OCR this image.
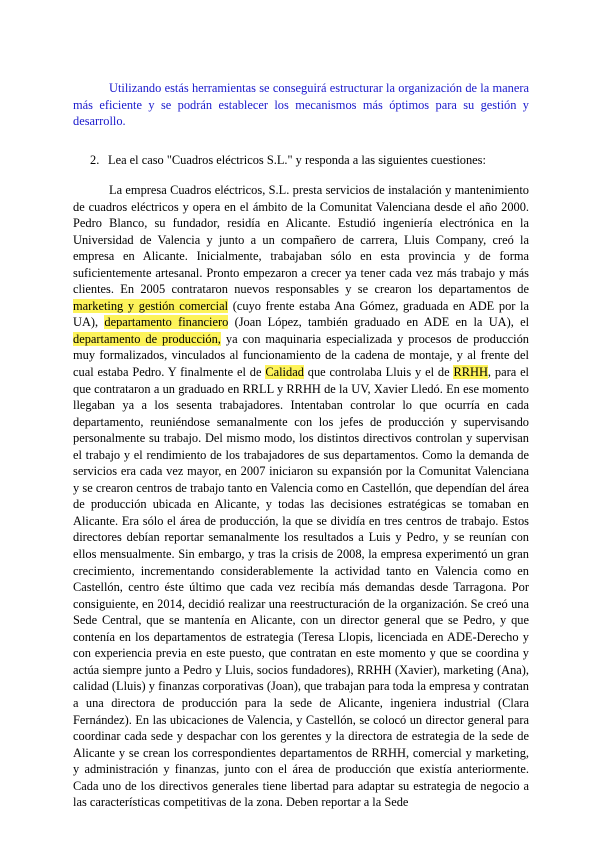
Utilizando estás herramientas se conseguirá estructurar la organización de la manera más eficiente y se podrán establecer los mecanismos más óptimos para su gestión y desarrollo.

2. Lea el caso "Cuadros eléctricos S.L." y responda a las siguientes cuestiones:

La empresa Cuadros eléctricos, S.L. presta servicios de instalación y mantenimiento de cuadros eléctricos y opera en el ámbito de la Comunitat Valenciana desde el año 2000. Pedro Blanco, su fundador, residía en Alicante. Estudió ingeniería electrónica en la Universidad de Valencia y junto a un compañero de carrera, Lluis Company, creó la empresa en Alicante. Inicialmente, trabajaban sólo en esta provincia y de forma suficientemente artesanal. Pronto empezaron a crecer ya tener cada vez más trabajo y más clientes. En 2005 contrataron nuevos responsables y se crearon los departamentos de marketing y gestión comercial (cuyo frente estaba Ana Gómez, graduada en ADE por la UA), departamento financiero (Joan López, también graduado en ADE en la UA), el departamento de producción, ya con maquinaria especializada y procesos de producción muy formalizados, vinculados al funcionamiento de la cadena de montaje, y al frente del cual estaba Pedro. Y finalmente el de Calidad que controlaba Lluis y el de RRHH, para el que contrataron a un graduado en RRLL y RRHH de la UV, Xavier Lledó. En ese momento llegaban ya a los sesenta trabajadores. Intentaban controlar lo que ocurría en cada departamento, reuniéndose semanalmente con los jefes de producción y supervisando personalmente su trabajo. Del mismo modo, los distintos directivos controlan y supervisan el trabajo y el rendimiento de los trabajadores de sus departamentos. Como la demanda de servicios era cada vez mayor, en 2007 iniciaron su expansión por la Comunitat Valenciana y se crearon centros de trabajo tanto en Valencia como en Castellón, que dependían del área de producción ubicada en Alicante, y todas las decisiones estratégicas se tomaban en Alicante. Era sólo el área de producción, la que se dividía en tres centros de trabajo. Estos directores debían reportar semanalmente los resultados a Luis y Pedro, y se reunían con ellos mensualmente. Sin embargo, y tras la crisis de 2008, la empresa experimentó un gran crecimiento, incrementando considerablemente la actividad tanto en Valencia como en Castellón, centro éste último que cada vez recibía más demandas desde Tarragona. Por consiguiente, en 2014, decidió realizar una reestructuración de la organización. Se creó una Sede Central, que se mantenía en Alicante, con un director general que se Pedro, y que contenía en los departamentos de estrategia (Teresa Llopis, licenciada en ADE-Derecho y con experiencia previa en este puesto, que contratan en este momento y que se coordina y actúa siempre junto a Pedro y Lluis, socios fundadores), RRHH (Xavier), marketing (Ana), calidad (Lluis) y finanzas corporativas (Joan), que trabajan para toda la empresa y contratan a una directora de producción para la sede de Alicante, ingeniera industrial (Clara Fernández). En las ubicaciones de Valencia, y Castellón, se colocó un director general para coordinar cada sede y despachar con los gerentes y la directora de estrategia de la sede de Alicante y se crean los correspondientes departamentos de RRHH, comercial y marketing, y administración y finanzas, junto con el área de producción que existía anteriormente. Cada uno de los directivos generales tiene libertad para adaptar su estrategia de negocio a las características competitivas de la zona. Deben reportar a la Sede
